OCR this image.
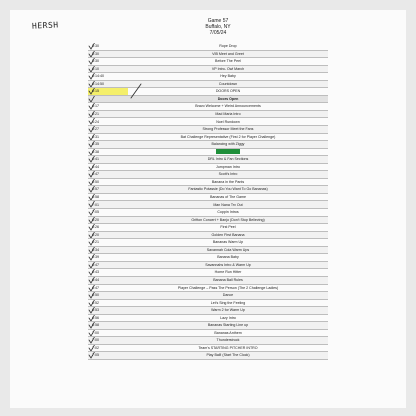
HERSH	Game 57
Buffalo, NY
7/05/24
5:30	Rope Drop
5:30	VIB Meet and Greet
5:30	Before The Peel
6:10	VP Intro- Owl March
6:14:40	Hey Baby
6:14:50	Countdown
6:15	DOORS OPEN

	Doors Open
6:17	Bravo Welcome + Weird Announcements
6:21	Mad Maria Intro
6:24	Noel Rundown
6:27	Strong Professor Meet the Fans
6:31	Bat Challenge Representative (First 2 for Player Challenge)
6:35	Balancing with Ziggy
6:38

6:41	DRL Intro & Fan Sections
6:44	Jumpman Intro
6:47	Scott's Intro
6:50	Banana in the Pants
6:57	Fantastic Potassie (Do You Want To Go Bananas)
6:58	Bananas of The Game
7:01	Man Nana Trv Out
7:05	Coppin Intros
6:20	Grifton Concert + Banjo (Don't Stop Believing)
6:26	First Peel
6:20	Golden First Banana
6:21	Bananas Warm Up
6:34	Savannah Cola Warm Ups
6:39	Banana Baby
6:47	Savannahs Intro & Warm Up
6:43	Home Run Hitter
6:44	Banana Ball Rules
6:47	Player Challenge – Pass The Person (The 2 Challenge Ladies)
6:50	Dance
6:52	Let's Sing the Feeling
6:53	Warm 2 for Warm Up
6:56	Lazy Intro
6:58	Bananas Starting Line up
7:00	Bananas Anthem
7:00	Thunderstruck
7:02	Team's STARTING PITCHER INTRO
7:05	Play Ball! (Start The Clock)
